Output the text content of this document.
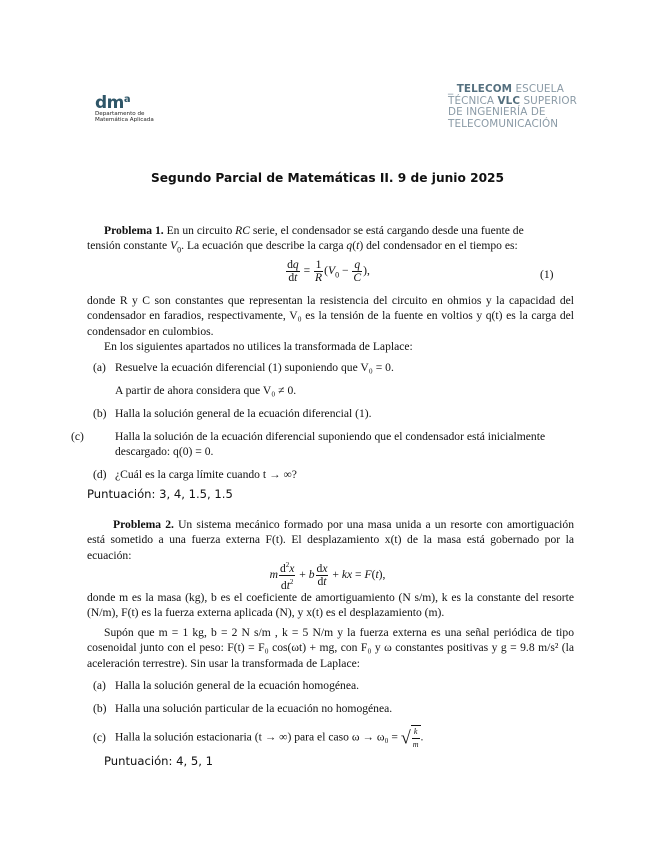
$dm^a$
Departamento de
Matemática Aplicada
_ TELECOM ESCUELA
TÉCNICA VLC SUPERIOR
DE INGENIERÍA DE
TELECOMUNICACIÓN
Segundo Parcial de Matemáticas II. 9 de junio 2025
Problema 1. En un circuito RC serie, el condensador se está cargando desde una fuente de
tensión constante $V_0$. La ecuación que describe la carga q(t) del condensador en el tiempo es:
$\frac{dq}{dt} = \frac{1}{R} (V_0 - \frac{q}{C}$ ),	(1)
donde R y C son constantes que representan la resistencia del circuito en ohmios y la capacidad del condensador en faradios, respectivamente, V₀ es la tensión de la fuente en voltios y q(t) es la carga del condensador en culombios.
En los siguientes apartados no utilices la transformada de Laplace:
(a) Resuelve la ecuación diferencial (1) suponiendo que V₀ = 0.
A partir de ahora considera que V₀ ≠ 0.
(b) Halla la solución general de la ecuación diferencial (1).
(c)	Halla la solución de la ecuación diferencial suponiendo que el condensador está inicialmente descargado: q(0) = 0.
(d) ¿Cuál es la carga límite cuando t → ∞?
Puntuación: 3, 4, 1.5, 1.5
Problema 2. Un sistema mecánico formado por una masa unida a un resorte con amortiguación está sometido a una fuerza externa F(t). El desplazamiento x(t) de la masa está gobernado por la ecuación:
m $\frac{d^2x}{dt^2} + b \frac{dx}{dt}$ + kx = F(t),
donde m es la masa (kg), b es el coeficiente de amortiguamiento (N s/m), k es la constante del resorte (N/m), F(t) es la fuerza externa aplicada (N), y x(t) es el desplazamiento (m).
Supón que m = 1 kg, b = 2 N s/m , k = 5 N/m y la fuerza externa es una señal periódica de tipo cosenoidal junto con el peso: F(t) = F₀ cos(ωt) + mg, con F₀ y ω constantes positivas y g = 9.8 m/s² (la aceleración terrestre). Sin usar la transformada de Laplace:
(a) Halla la solución general de la ecuación homogénea.
(b) Halla una solución particular de la ecuación no homogénea.
(c) Halla la solución estacionaria (t → ∞) para el caso ω → ω₀ = √ $\frac{k}{m}$ .
Puntuación: 4, 5, 1
